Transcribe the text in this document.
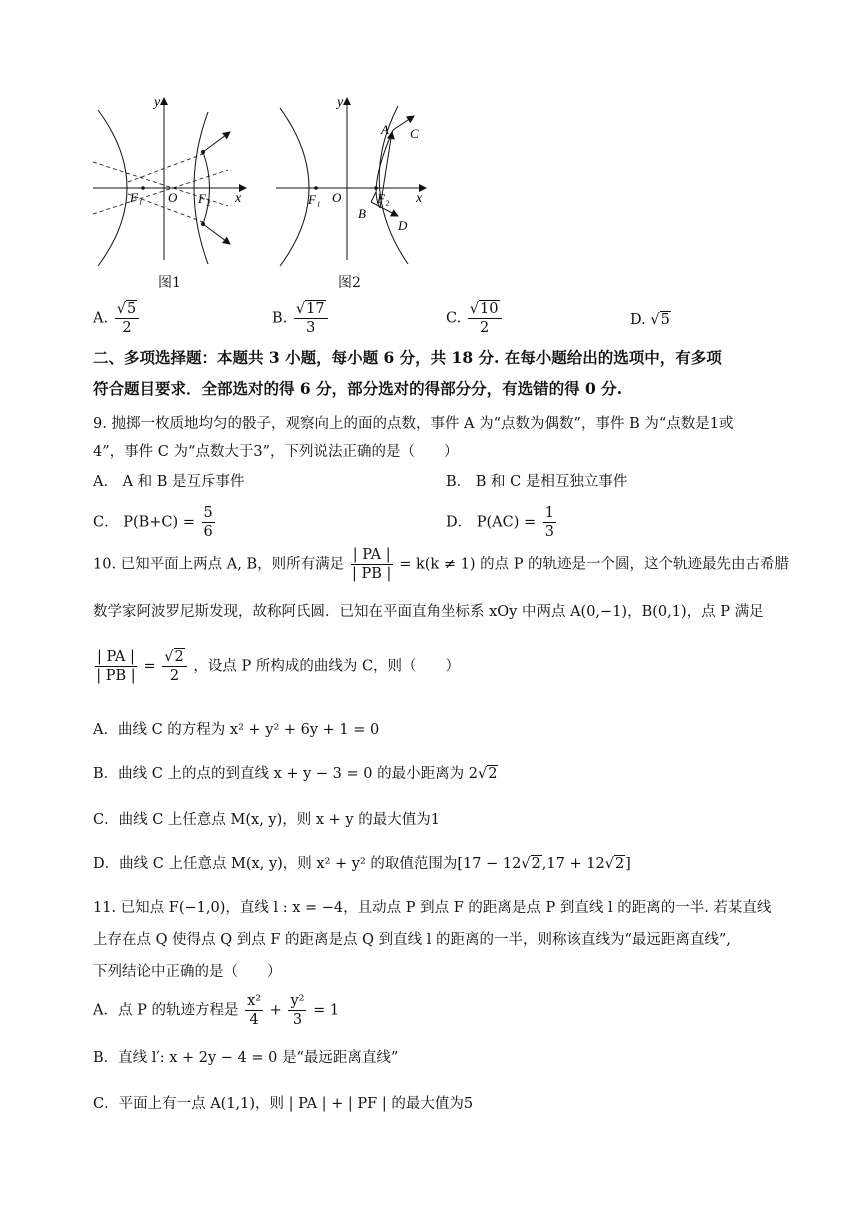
y
x
O
F₁	F₂
图1
y
x
O
F₁	F₂
A C
B
D
图2
A. $\frac{√5}{2}$	B. $\frac{√17}{3}$	C. $\frac{√10}{2}$	D. √5
二、多项选择题：本题共 3 小题，每小题 6 分，共 18 分. 在每小题给出的选项中，有多项
符合题目要求．全部选对的得 6 分，部分选对的得部分分，有选错的得 0 分.
9. 抛掷一枚质地均匀的骰子，观察向上的面的点数，事件 A 为“点数为偶数”，事件 B 为“点数是1或
4”，事件 C 为“点数大于3”，下列说法正确的是（　　）
A． A 和 B 是互斥事件	B． B 和 C 是相互独立事件
C． $P(B+C) = \frac{5}{6}$	D． $P(AC) = \frac{1}{3}$
10. 已知平面上两点 A, B，则所有满足 $\frac{| PA |}{| PB |} = k(k \ne 1)$ 的点 P 的轨迹是一个圆，这个轨迹最先由古希腊
数学家阿波罗尼斯发现，故称阿氏圆．已知在平面直角坐标系 xOy 中两点 A(0,−1)，B(0,1)，点 P 满足
$\frac{| PA |}{| PB |} = \frac{√2}{2}$ ，设点 P 所构成的曲线为 C，则（　　）
A．曲线 C 的方程为 x² + y² + 6y + 1 = 0
B．曲线 C 上的点的到直线 x + y − 3 = 0 的最小距离为 2√2
C．曲线 C 上任意点 M(x, y)，则 x + y 的最大值为1
D．曲线 C 上任意点 M(x, y)，则 x² + y² 的取值范围为[17 − 12√2,17 + 12√2]
11. 已知点 F(−1,0)，直线 l : x = −4，且动点 P 到点 F 的距离是点 P 到直线 l 的距离的一半. 若某直线
上存在点 Q 使得点 Q 到点 F 的距离是点 Q 到直线 l 的距离的一半，则称该直线为“最远距离直线”,
下列结论中正确的是（　　）
A．点 P 的轨迹方程是 $\frac{\text{x²}}{4} + \frac{\text{y²}}{3} = 1$
B．直线 l′: x + 2y − 4 = 0 是“最远距离直线”
C．平面上有一点 A(1,1)，则 | PA | + | PF | 的最大值为5
